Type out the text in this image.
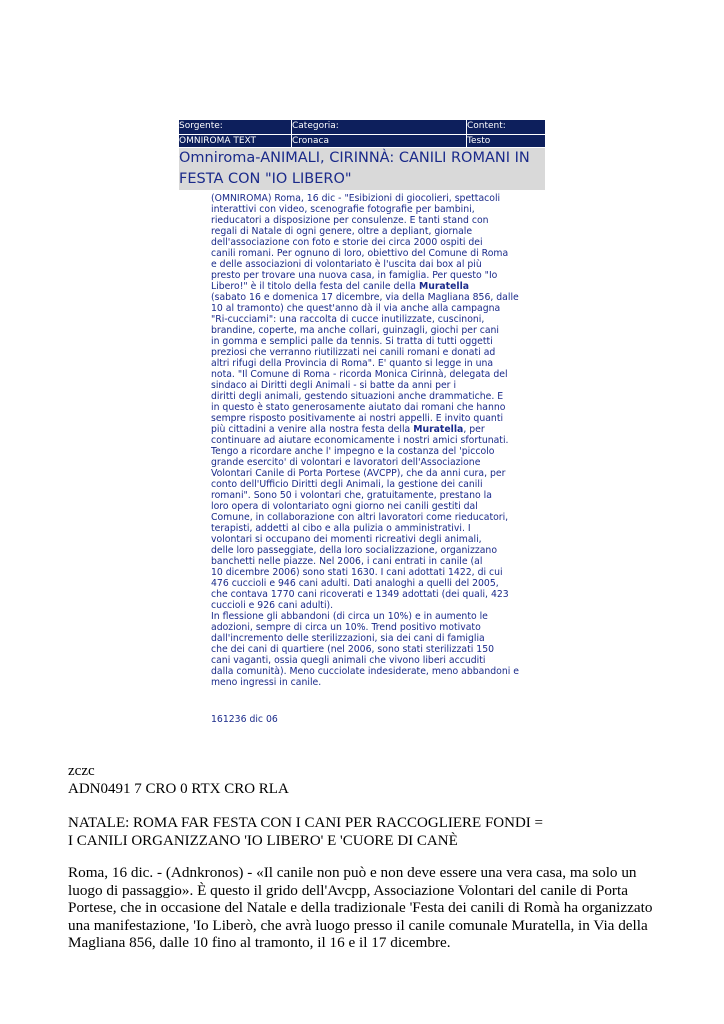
Sorgente:
OMNIROMA TEXT
Categoria:
Cronaca
Content:
Testo
Omniroma-ANIMALI, CIRINNÀ: CANILI ROMANI IN FESTA CON "IO LIBERO"
(OMNIROMA) Roma, 16 dic - "Esibizioni di giocolieri, spettacoli
interattivi con video, scenografie fotografie per bambini,
rieducatori a disposizione per consulenze. E tanti stand con
regali di Natale di ogni genere, oltre a depliant, giornale
dell'associazione con foto e storie dei circa 2000 ospiti dei
canili romani. Per ognuno di loro, obiettivo del Comune di Roma
e delle associazioni di volontariato è l'uscita dai box al più
presto per trovare una nuova casa, in famiglia. Per questo "Io
Libero!" è il titolo della festa del canile della Muratella
(sabato 16 e domenica 17 dicembre, via della Magliana 856, dalle
10 al tramonto) che quest'anno dà il via anche alla campagna
"Ri-cucciami": una raccolta di cucce inutilizzate, cuscinoni,
brandine, coperte, ma anche collari, guinzagli, giochi per cani
in gomma e semplici palle da tennis. Si tratta di tutti oggetti
preziosi che verranno riutilizzati nei canili romani e donati ad
altri rifugi della Provincia di Roma". E' quanto si legge in una
nota. "Il Comune di Roma - ricorda Monica Cirinnà, delegata del
sindaco ai Diritti degli Animali - si batte da anni per i
diritti degli animali, gestendo situazioni anche drammatiche. E
in questo è stato generosamente aiutato dai romani che hanno
sempre risposto positivamente ai nostri appelli. E invito quanti
più cittadini a venire alla nostra festa della Muratella, per
continuare ad aiutare economicamente i nostri amici sfortunati.
Tengo a ricordare anche l' impegno e la costanza del 'piccolo
grande esercito' di volontari e lavoratori dell'Associazione
Volontari Canile di Porta Portese (AVCPP), che da anni cura, per
conto dell'Ufficio Diritti degli Animali, la gestione dei canili
romani". Sono 50 i volontari che, gratuitamente, prestano la
loro opera di volontariato ogni giorno nei canili gestiti dal
Comune, in collaborazione con altri lavoratori come rieducatori,
terapisti, addetti al cibo e alla pulizia o amministrativi. I
volontari si occupano dei momenti ricreativi degli animali,
delle loro passeggiate, della loro socializzazione, organizzano
banchetti nelle piazze. Nel 2006, i cani entrati in canile (al
10 dicembre 2006) sono stati 1630. I cani adottati 1422, di cui
476 cuccioli e 946 cani adulti. Dati analoghi a quelli del 2005,
che contava 1770 cani ricoverati e 1349 adottati (dei quali, 423
cuccioli e 926 cani adulti).
In flessione gli abbandoni (di circa un 10%) e in aumento le
adozioni, sempre di circa un 10%. Trend positivo motivato
dall'incremento delle sterilizzazioni, sia dei cani di famiglia
che dei cani di quartiere (nel 2006, sono stati sterilizzati 150
cani vaganti, ossia quegli animali che vivono liberi accuditi
dalla comunità). Meno cucciolate indesiderate, meno abbandoni e
meno ingressi in canile.
161236 dic 06
zczc
ADN0491 7 CRO 0 RTX CRO RLA
NATALE: ROMA FAR FESTA CON I CANI PER RACCOGLIERE FONDI =
I CANILI ORGANIZZANO 'IO LIBERO' E 'CUORE DI CANÈ
Roma, 16 dic. - (Adnkronos) - «Il canile non può e non deve essere una vera casa, ma solo un luogo di passaggio». È questo il grido dell'Avcpp, Associazione Volontari del canile di Porta Portese, che in occasione del Natale e della tradizionale 'Festa dei canili di Romà ha organizzato una manifestazione, 'Io Liberò, che avrà luogo presso il canile comunale Muratella, in Via della Magliana 856, dalle 10 fino al tramonto, il 16 e il 17 dicembre.
